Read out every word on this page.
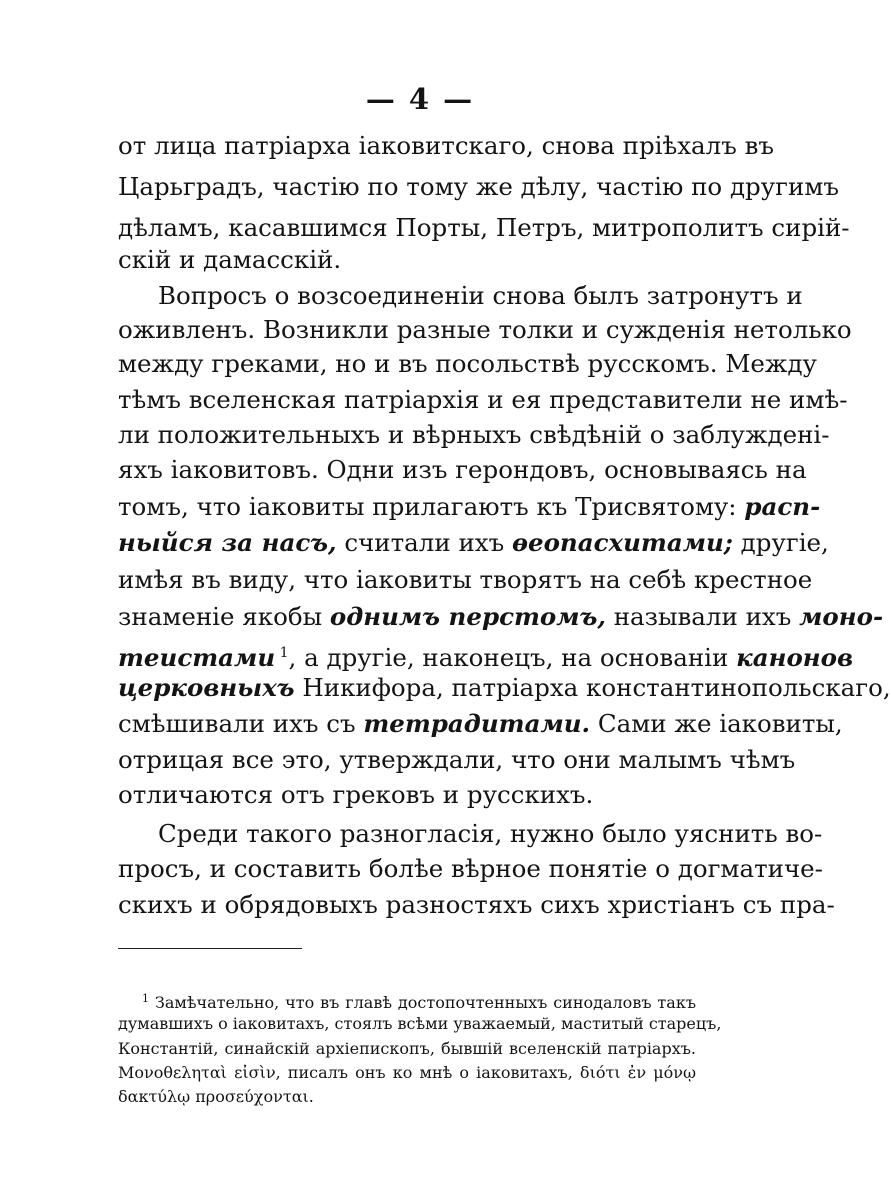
— 4 —
от лица патріарха іаковитскаго, снова пріѣхалъ въ
Царьградъ, частію по тому же дѣлу, частію по другимъ
дѣламъ, касавшимся Порты, Петръ, митрополитъ сирій-
скій и дамасскій.
Вопросъ о возсоединеніи снова былъ затронутъ и
оживленъ. Возникли разные толки и сужденія нетолько
между греками, но и въ посольствѣ русскомъ. Между
тѣмъ вселенская патріархія и ея представители не имѣ-
ли положительныхъ и вѣрныхъ свѣдѣній о заблужденi-
яхъ іаковитовъ. Одни изъ герондовъ, основываясь на
томъ, что іаковиты прилагаютъ къ Трисвятому: расп-
ныйся за насъ, считали ихъ ѳеопасхитами; другіе,
имѣя въ виду, что іаковиты творятъ на себѣ крестное
знаменіе якобы однимъ перстомъ, называли ихъ моно-
теистами $^1$, а другіе, наконецъ, на основаніи канонов
церковныхъ Никифора, патріарха константинопольскаго,
смѣшивали ихъ съ тетрадитами. Сами же іаковиты,
отрицая все это, утверждали, что они малымъ чѣмъ
отличаются отъ грековъ и русскихъ.
Среди такого разногласія, нужно было уяснить во-
просъ, и составить болѣе вѣрное понятіе о догматиче-
скихъ и обрядовыхъ разностяхъ сихъ христіанъ съ пра-
$^1$ Замѣчательно, что въ главѣ достопочтенныхъ синодаловъ такъ
думавшихъ о іаковитахъ, стоялъ всѣми уважаемый, маститый старецъ,
Константій, синайскій архіепископъ, бывшій вселенскій патріархъ.
Μονοθεληταὶ εἰσὶν, писалъ онъ ко мнѣ о іаковитахъ, διότι ἐν μόνῳ
δακτύλῳ προσεύχονται.
